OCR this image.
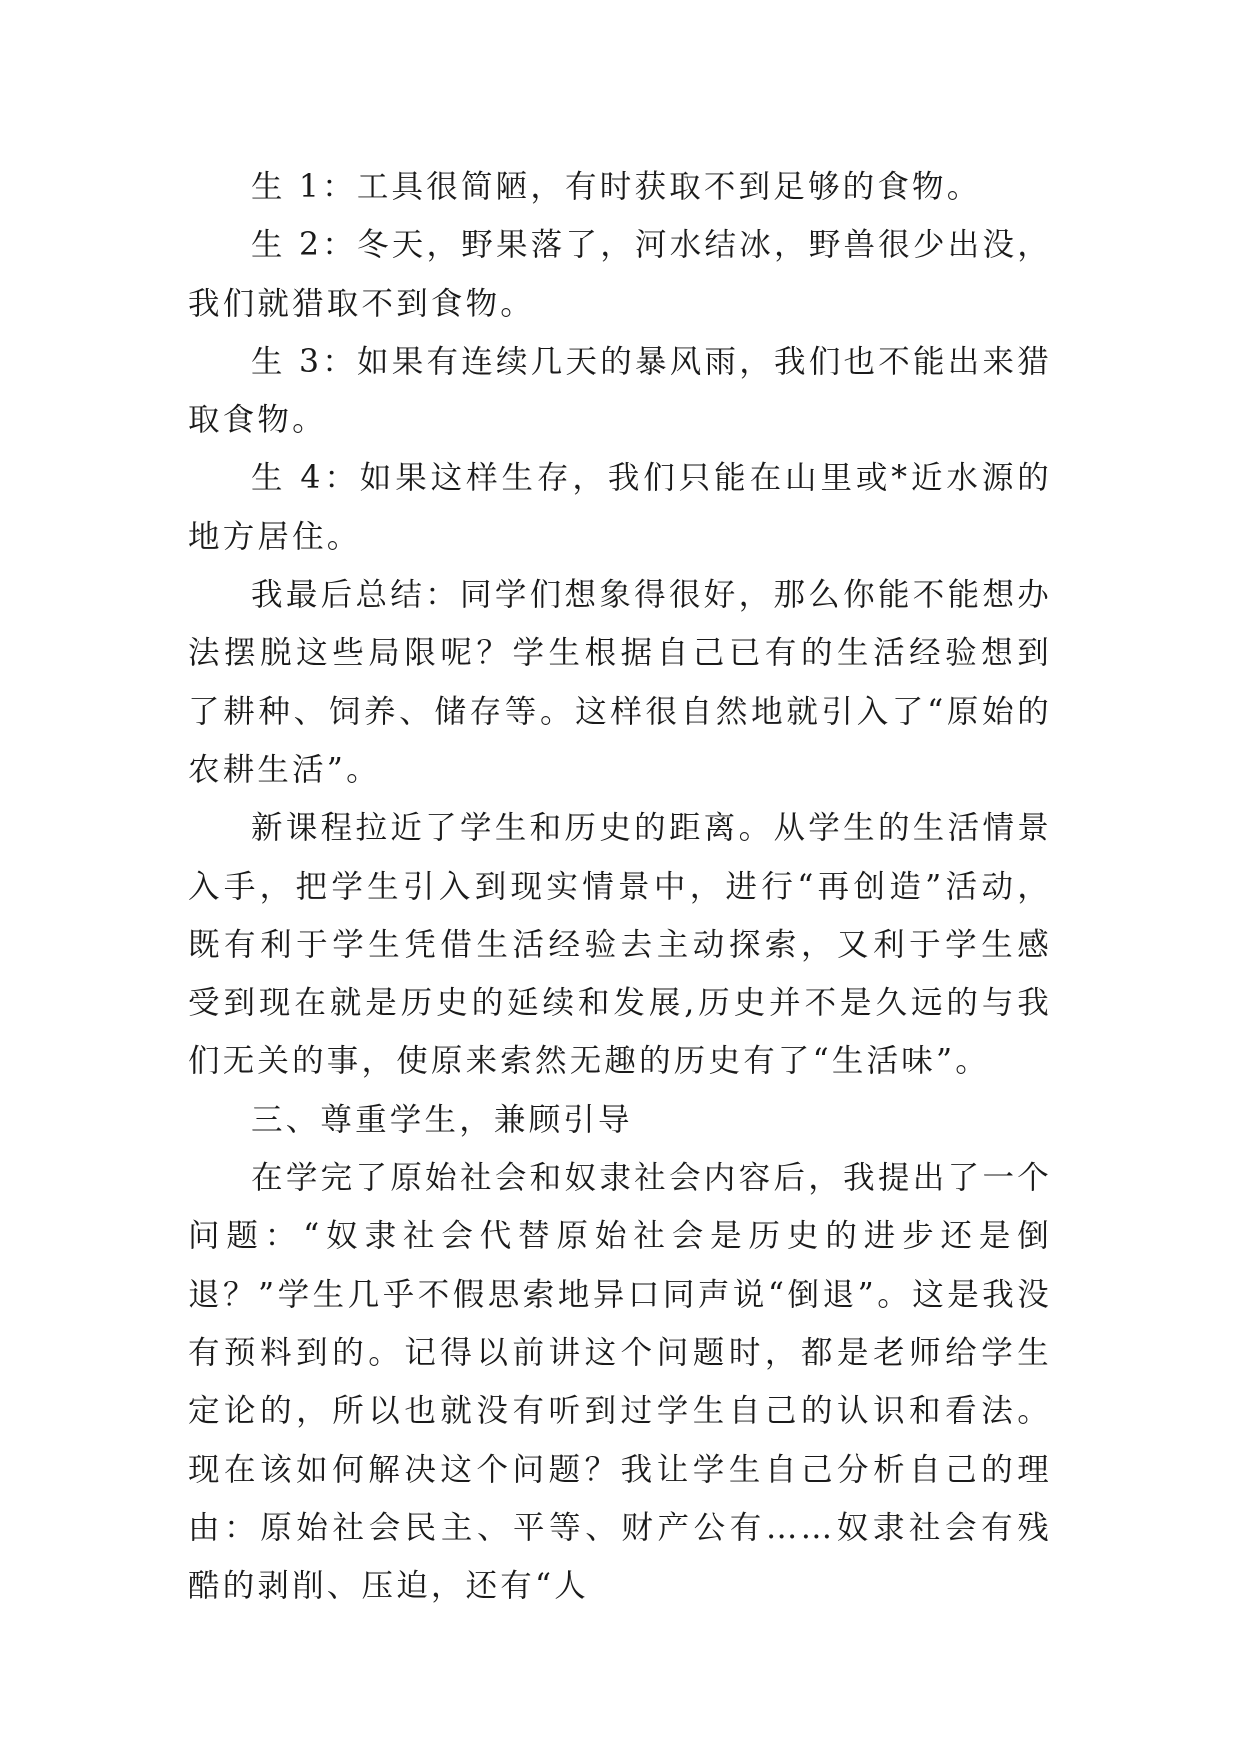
生 1：工具很简陋，有时获取不到足够的食物。

生 2：冬天，野果落了，河水结冰，野兽很少出没，我们就猎取不到食物。

生 3：如果有连续几天的暴风雨，我们也不能出来猎取食物。

生 4：如果这样生存，我们只能在山里或*近水源的地方居住。

我最后总结：同学们想象得很好，那么你能不能想办法摆脱这些局限呢？学生根据自己已有的生活经验想到了耕种、饲养、储存等。这样很自然地就引入了“原始的农耕生活”。

新课程拉近了学生和历史的距离。从学生的生活情景入手，把学生引入到现实情景中，进行“再创造”活动，既有利于学生凭借生活经验去主动探索，又利于学生感受到现在就是历史的延续和发展,历史并不是久远的与我们无关的事，使原来索然无趣的历史有了“生活味”。

三、尊重学生，兼顾引导

在学完了原始社会和奴隶社会内容后，我提出了一个问题：“奴隶社会代替原始社会是历史的进步还是倒退？”学生几乎不假思索地异口同声说“倒退”。这是我没有预料到的。记得以前讲这个问题时，都是老师给学生定论的，所以也就没有听到过学生自己的认识和看法。现在该如何解决这个问题？我让学生自己分析自己的理由：原始社会民主、平等、财产公有……奴隶社会有残酷的剥削、压迫，还有“人
